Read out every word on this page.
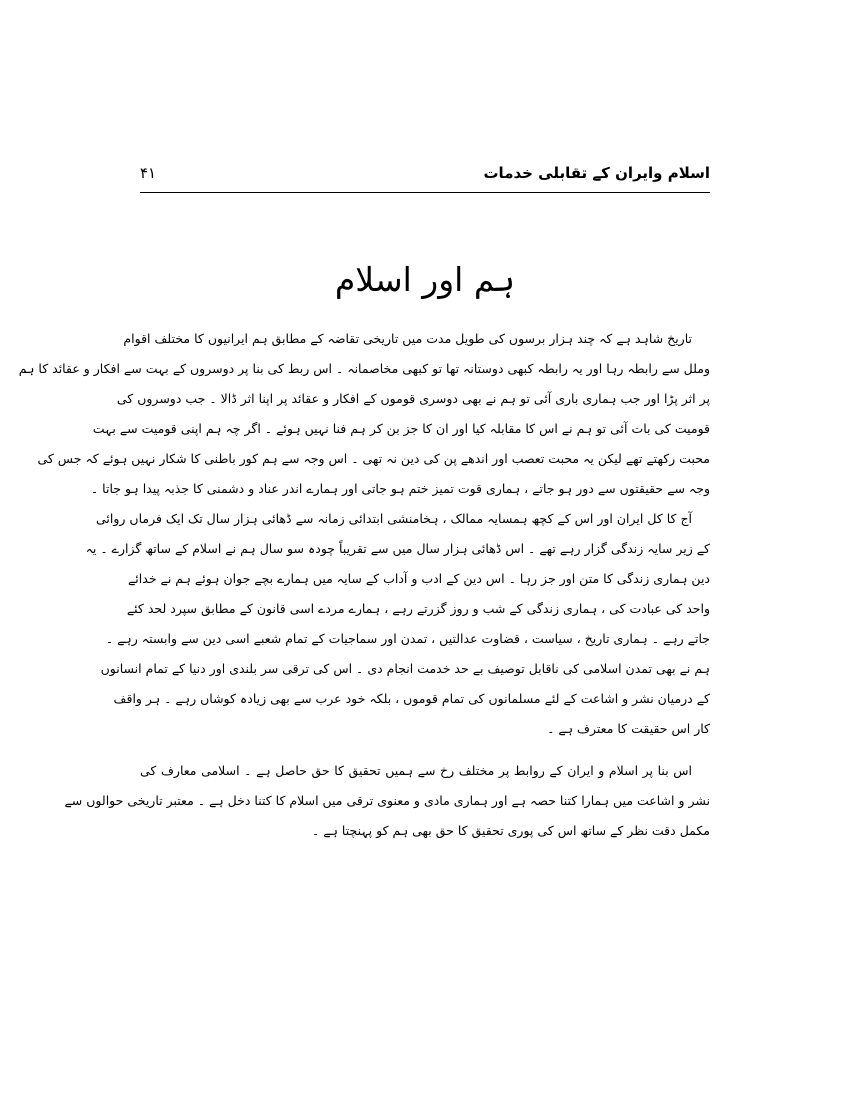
اسلام وایران کے تقابلی خدمات
۴۱
ہم اور اسلام
تاریخ شاہد ہے کہ چند ہزار برسوں کی طویل مدت میں تاریخی تقاضہ کے مطابق ہم ایرانیوں کا مختلف اقوام
وملل سے رابطہ رہا اور یہ رابطہ کبھی دوستانہ تھا تو کبھی مخاصمانہ ۔ اس ربط کی بنا پر دوسروں کے بہت سے افکار و عقائد کا ہم
پر اثر پڑا اور جب ہماری باری آئی تو ہم نے بھی دوسری قوموں کے افکار و عقائد پر اپنا اثر ڈالا ۔ جب دوسروں کی
قومیت کی بات آئی تو ہم نے اس کا مقابلہ کیا اور ان کا جز بن کر ہم فنا نہیں ہوئے ۔ اگر چہ ہم اپنی قومیت سے بہت
محبت رکھتے تھے لیکن یہ محبت تعصب اور اندھے پن کی دین نہ تھی ۔ اس وجہ سے ہم کور باطنی کا شکار نہیں ہوئے کہ جس کی
وجہ سے حقیقتوں سے دور ہو جاتے ، ہماری قوت تمیز ختم ہو جاتی اور ہمارے اندر عناد و دشمنی کا جذبہ پیدا ہو جاتا ۔
آج کا کل ایران اور اس کے کچھ ہمسایہ ممالک ، ہخامنشی ابتدائی زمانہ سے ڈھائی ہزار سال تک ایک فرماں روائی
کے زیر سایہ زندگی گزار رہے تھے ۔ اس ڈھائی ہزار سال میں سے تقریباً چودہ سو سال ہم نے اسلام کے ساتھ گزارے ۔ یہ
دین ہماری زندگی کا متن اور جز رہا ۔ اس دین کے ادب و آداب کے سایہ میں ہمارے بچے جوان ہوئے ہم نے خدائے
واحد کی عبادت کی ، ہماری زندگی کے شب و روز گزرتے رہے ، ہمارے مردے اسی قانون کے مطابق سپرد لحد کئے
جاتے رہے ۔ ہماری تاریخ ، سیاست ، قضاوت عدالتیں ، تمدن اور سماجیات کے تمام شعبے اسی دین سے وابستہ رہے ۔
ہم نے بھی تمدن اسلامی کی ناقابل توصیف بے حد خدمت انجام دی ۔ اس کی ترقی سر بلندی اور دنیا کے تمام انسانوں
کے درمیان نشر و اشاعت کے لئے مسلمانوں کی تمام قوموں ، بلکہ خود عرب سے بھی زیادہ کوشاں رہے ۔ ہر واقف
کار اس حقیقت کا معترف ہے ۔
اس بنا پر اسلام و ایران کے روابط پر مختلف رخ سے ہمیں تحقیق کا حق حاصل ہے ۔ اسلامی معارف کی
نشر و اشاعت میں ہمارا کتنا حصہ ہے اور ہماری مادی و معنوی ترقی میں اسلام کا کتنا دخل ہے ۔ معتبر تاریخی حوالوں سے
مکمل دقت نظر کے ساتھ اس کی پوری تحقیق کا حق بھی ہم کو پہنچتا ہے ۔
